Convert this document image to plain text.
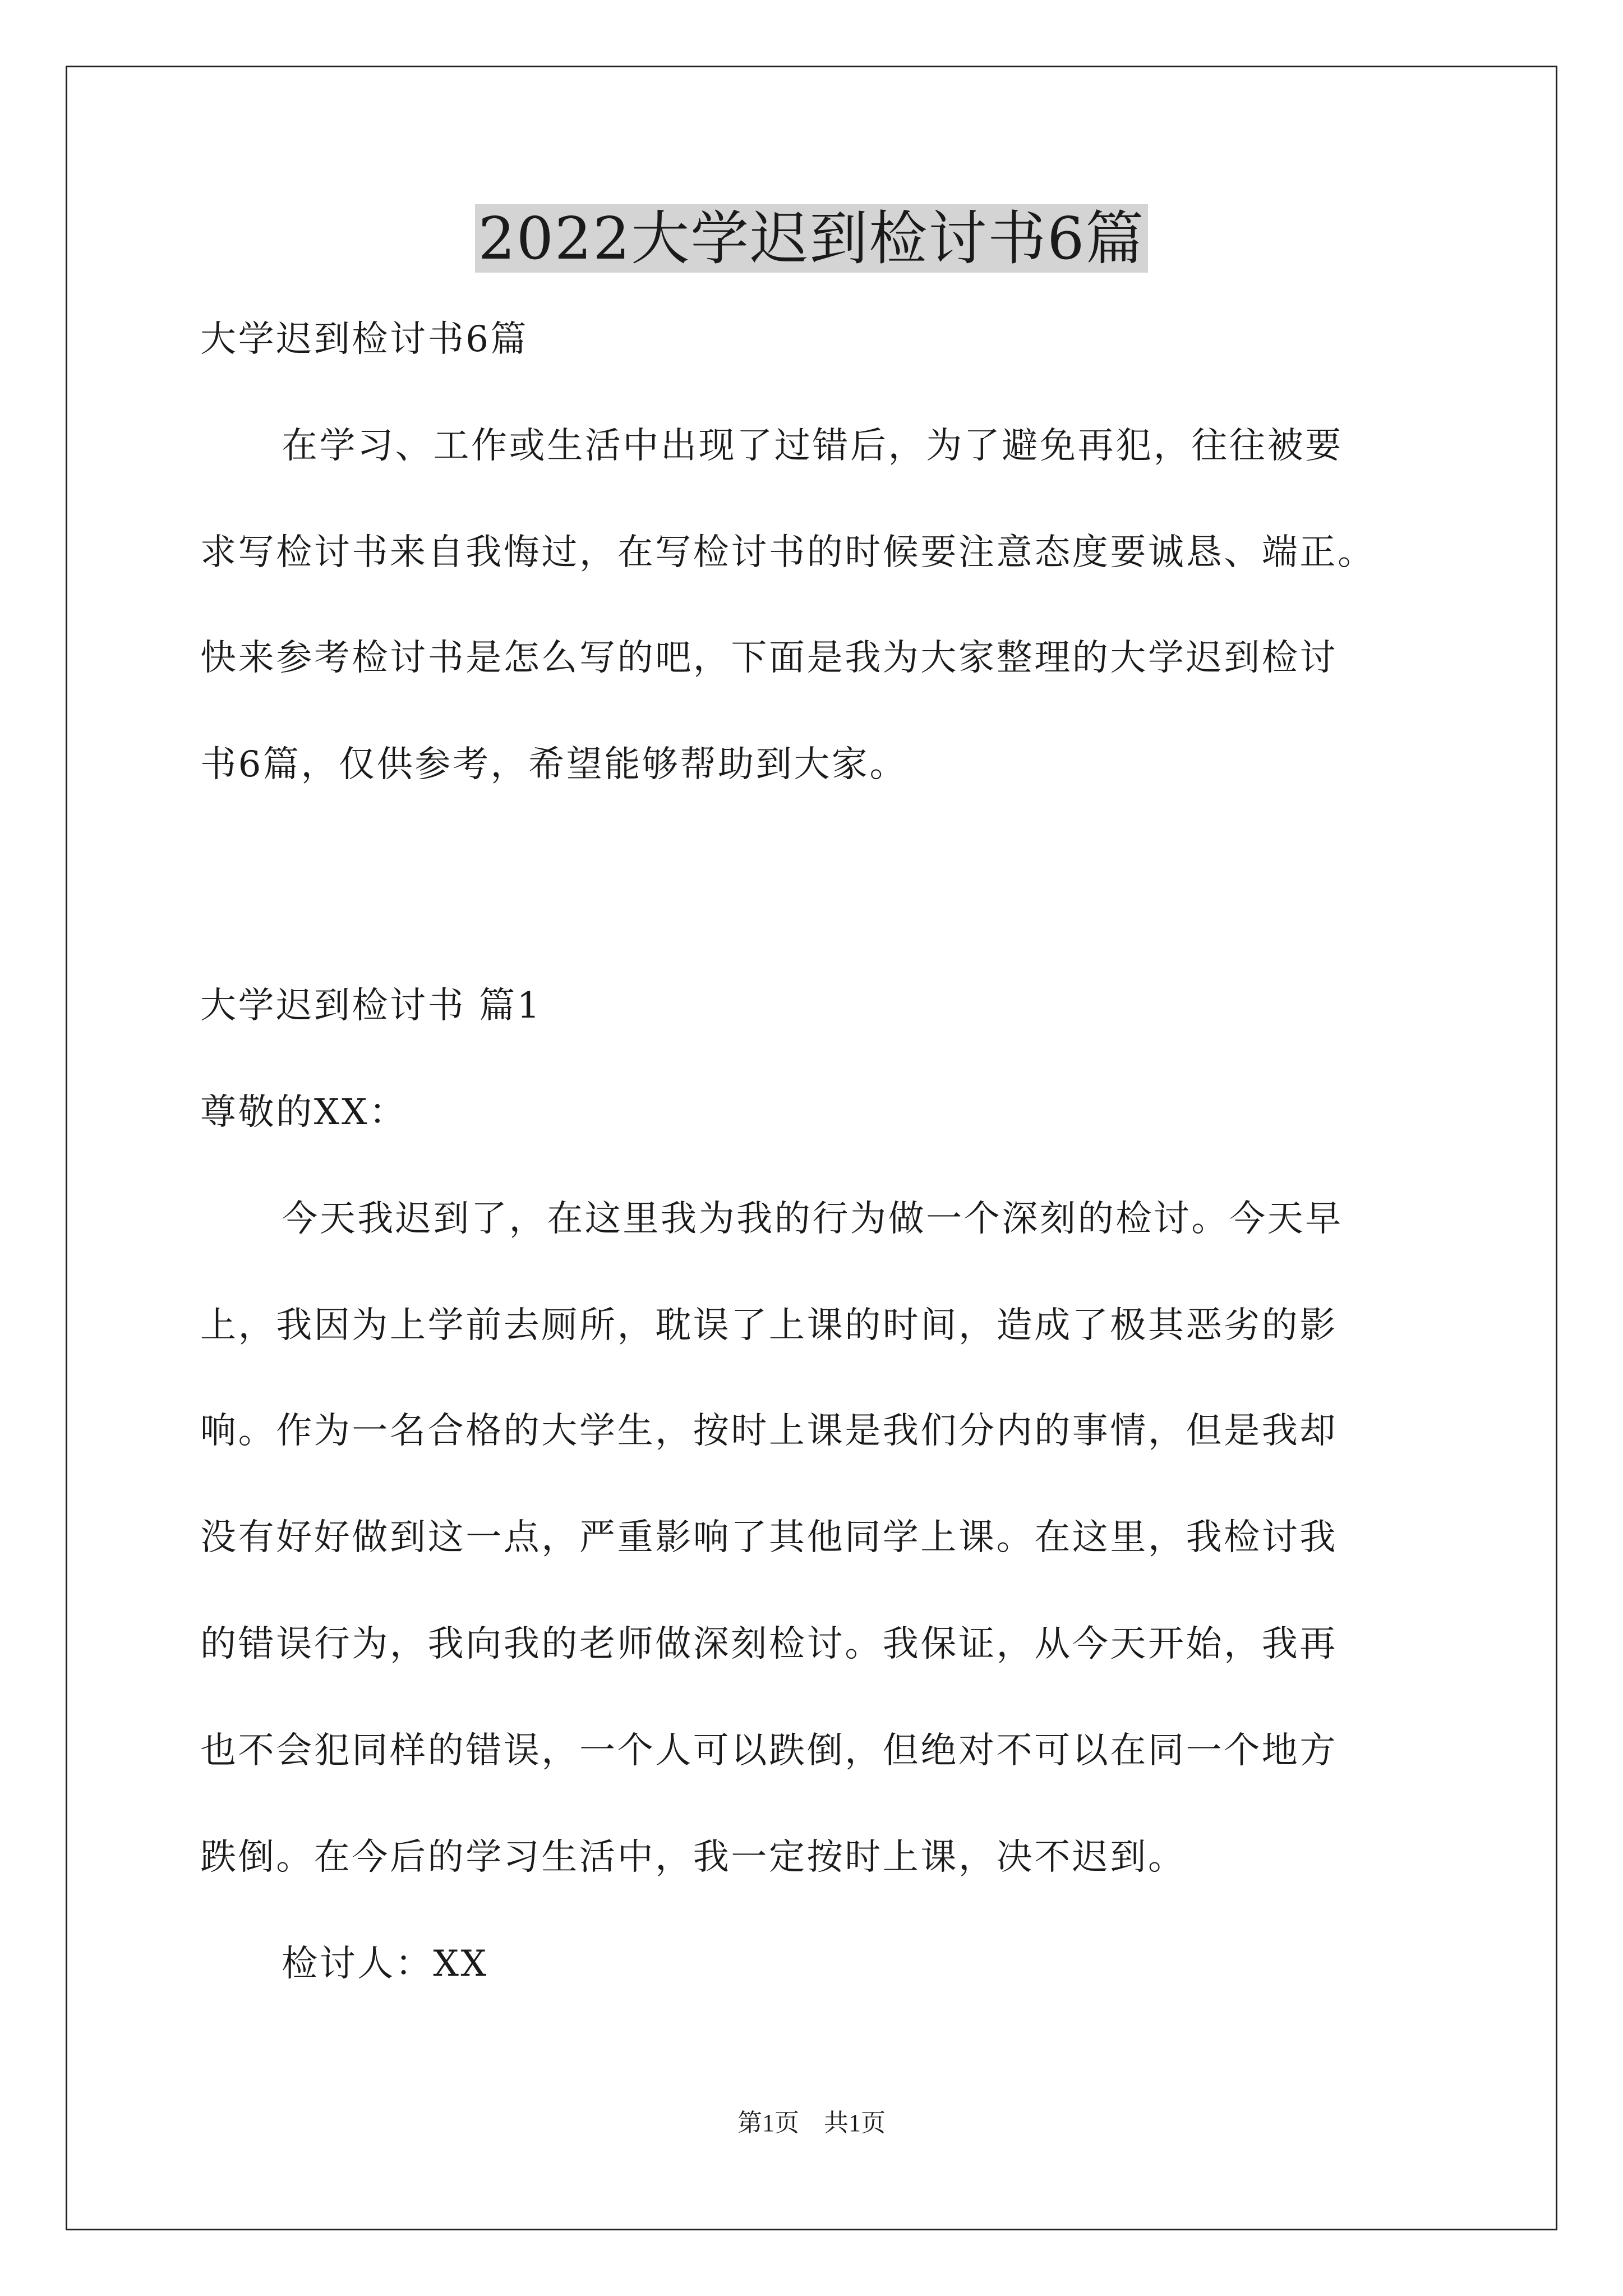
2022大学迟到检讨书6篇
大学迟到检讨书6篇
在学习、工作或生活中出现了过错后，为了避免再犯，往往被要
求写检讨书来自我悔过，在写检讨书的时候要注意态度要诚恳、端正。
快来参考检讨书是怎么写的吧，下面是我为大家整理的大学迟到检讨
书6篇，仅供参考，希望能够帮助到大家。
大学迟到检讨书 篇1
尊敬的XX：
今天我迟到了，在这里我为我的行为做一个深刻的检讨。今天早
上，我因为上学前去厕所，耽误了上课的时间，造成了极其恶劣的影
响。作为一名合格的大学生，按时上课是我们分内的事情，但是我却
没有好好做到这一点，严重影响了其他同学上课。在这里，我检讨我
的错误行为，我向我的老师做深刻检讨。我保证，从今天开始，我再
也不会犯同样的错误，一个人可以跌倒，但绝对不可以在同一个地方
跌倒。在今后的学习生活中，我一定按时上课，决不迟到。
检讨人：XX
第1页 共1页
